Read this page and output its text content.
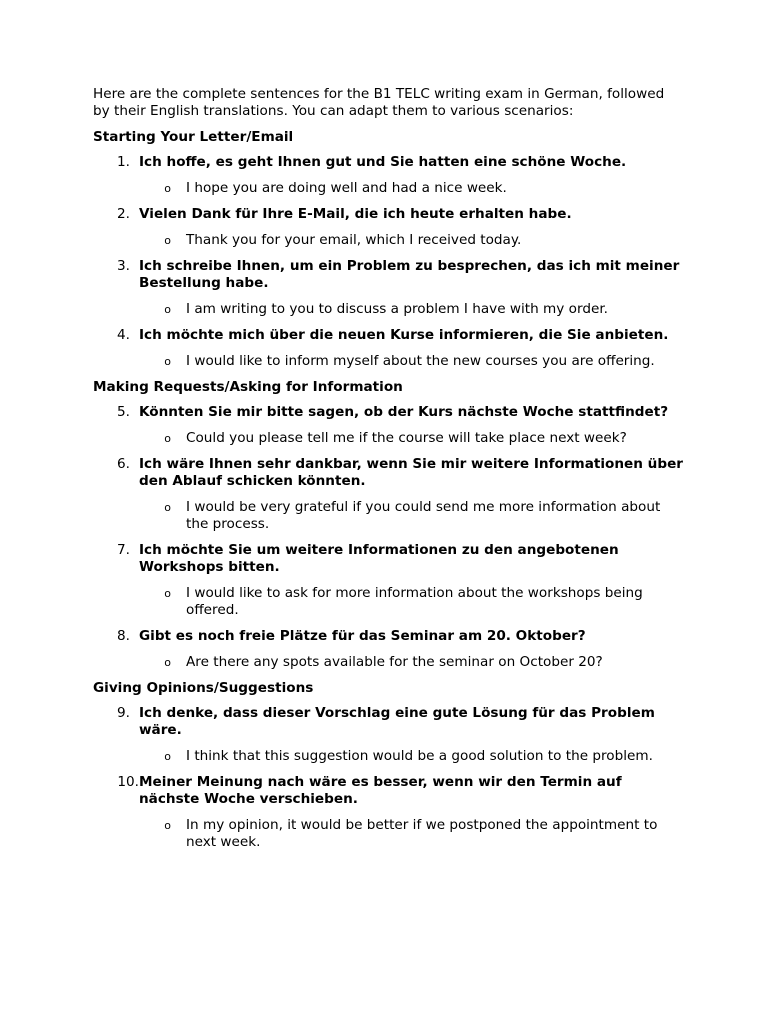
Here are the complete sentences for the B1 TELC writing exam in German, followed by their English translations. You can adapt them to various scenarios:

Starting Your Letter/Email
1. Ich hoffe, es geht Ihnen gut und Sie hatten eine schöne Woche.
o	I hope you are doing well and had a nice week.
2. Vielen Dank für Ihre E-Mail, die ich heute erhalten habe.
o	Thank you for your email, which I received today.
3. Ich schreibe Ihnen, um ein Problem zu besprechen, das ich mit meiner Bestellung habe.
o	I am writing to you to discuss a problem I have with my order.
4. Ich möchte mich über die neuen Kurse informieren, die Sie anbieten.
o	I would like to inform myself about the new courses you are offering.
Making Requests/Asking for Information
5. Könnten Sie mir bitte sagen, ob der Kurs nächste Woche stattfindet?
o	Could you please tell me if the course will take place next week?
6. Ich wäre Ihnen sehr dankbar, wenn Sie mir weitere Informationen über den Ablauf schicken könnten.
o	I would be very grateful if you could send me more information about the process.
7. Ich möchte Sie um weitere Informationen zu den angebotenen Workshops bitten.
o	I would like to ask for more information about the workshops being offered.
8. Gibt es noch freie Plätze für das Seminar am 20. Oktober?
o	Are there any spots available for the seminar on October 20?
Giving Opinions/Suggestions
9. Ich denke, dass dieser Vorschlag eine gute Lösung für das Problem wäre.
o	I think that this suggestion would be a good solution to the problem.
10. Meiner Meinung nach wäre es besser, wenn wir den Termin auf nächste Woche verschieben.
o	In my opinion, it would be better if we postponed the appointment to next week.
